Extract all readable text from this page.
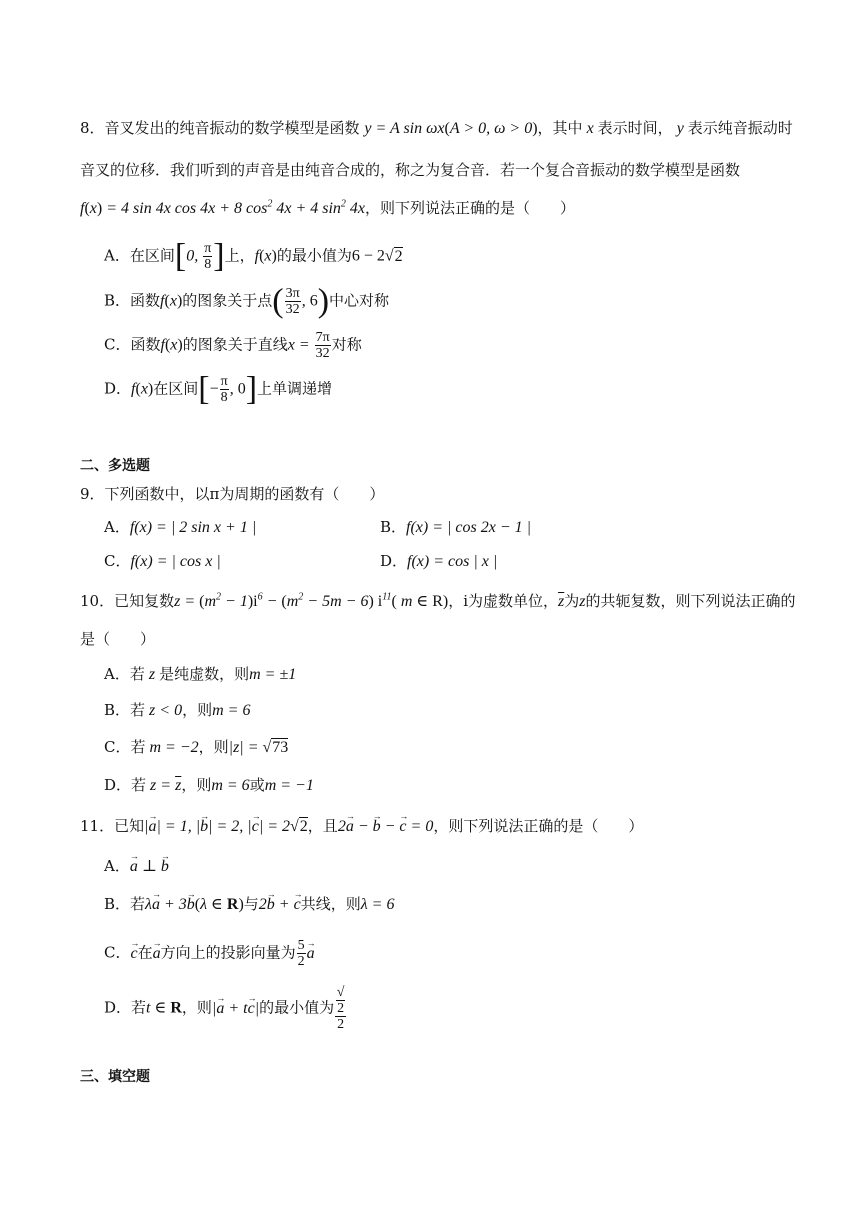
8．音叉发出的纯音振动的数学模型是函数 y = A sin ωx(A > 0, ω > 0)，其中 x 表示时间， y 表示纯音振动时
音叉的位移．我们听到的声音是由纯音合成的，称之为复合音．若一个复合音振动的数学模型是函数
f(x) = 4 sin 4x cos 4x + 8 $\cos^2 4x + 4$ $\sin^2 4x$，则下列说法正确的是（　　）
A．在区间[0, $\frac{\pi}{8}$ ]上，f(x)的最小值为6 − 2√2
B．函数f(x)的图象关于点( $\frac{3\pi}{32}$ , 6)中心对称
C．函数f(x)的图象关于直线$x = \frac{7\pi}{32}$ 对称
D．f(x)在区间[− $\frac{\pi}{8}$ , 0]上单调递增
二、多选题
9．下列函数中，以π为周期的函数有（　　）
A．f(x) = | 2 sin x + 1 |	B．f(x) = | cos 2x − 1 |
C．f(x) = | cos x |	D．f(x) = cos | x |
10．已知复数$z = (m^2 - 1)i^6 - (m^2 - 5m - 6)$ $i^{11}$( m ∈ R)，i为虚数单位，$\overline{z}$为z的共轭复数，则下列说法正确的
是（　　）
A．若 z 是纯虚数，则m = ±1
B．若 z < 0，则m = 6
C．若 m = −2，则|z| = √73
D．若 $z = \overline{z}$，则m = 6或m = −1
11．已知|→ a| = 1, |→ b| = 2, |→ c| = 2√2，且2→ a − → b − → c = 0，则下列说法正确的是（　　）
A．→ a ⊥ → b
B．若λ→ a + 3→ b(λ ∈ R)与2→ b + → c共线，则λ = 6
C．→ c在→ a方向上的投影向量为 $\frac{5}{2} \to a$
D．若t ∈ R，则|→ a + t→ c|的最小值为 √
2
2
三、填空题
